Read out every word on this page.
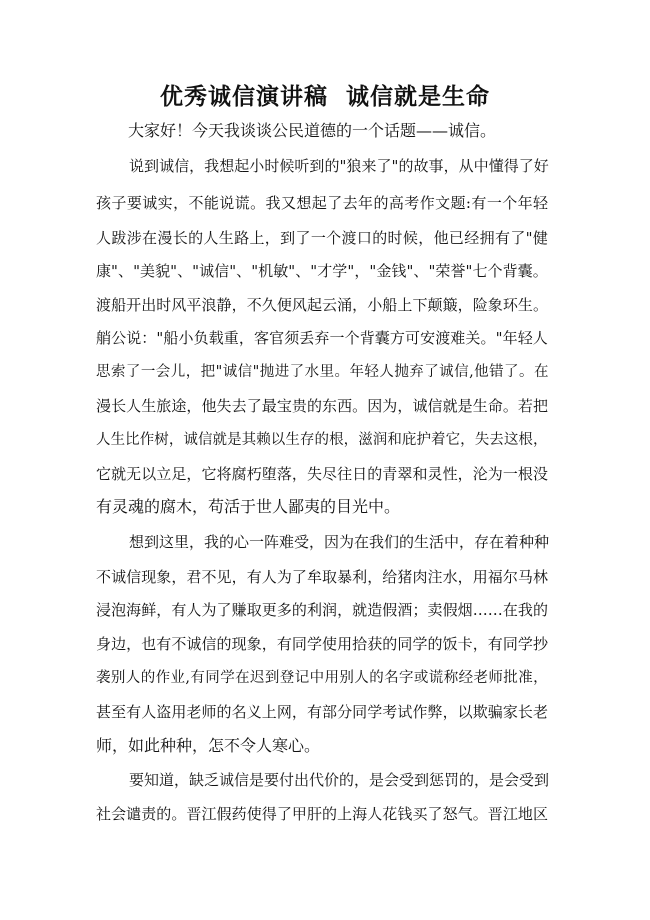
优秀诚信演讲稿  诚信就是生命
大家好！今天我谈谈公民道德的一个话题——诚信。
说到诚信，我想起小时候听到的"狼来了"的故事，从中懂得了好
孩子要诚实，不能说谎。我又想起了去年的高考作文题:有一个年轻
人跋涉在漫长的人生路上，到了一个渡口的时候，他已经拥有了"健
康"、"美貌"、"诚信"、"机敏"、"才学"，"金钱"、"荣誉"七个背囊。
渡船开出时风平浪静，不久便风起云涌，小船上下颠簸，险象环生。
艄公说："船小负载重，客官须丢弃一个背囊方可安渡难关。"年轻人
思索了一会儿，把"诚信"抛进了水里。年轻人抛弃了诚信,他错了。在
漫长人生旅途，他失去了最宝贵的东西。因为，诚信就是生命。若把
人生比作树，诚信就是其赖以生存的根，滋润和庇护着它，失去这根，
它就无以立足，它将腐朽堕落，失尽往日的青翠和灵性，沦为一根没
有灵魂的腐木，苟活于世人鄙夷的目光中。
想到这里，我的心一阵难受，因为在我们的生活中，存在着种种
不诚信现象，君不见，有人为了牟取暴利，给猪肉注水，用福尔马林
浸泡海鲜，有人为了赚取更多的利润，就造假酒；卖假烟……在我的
身边，也有不诚信的现象，有同学使用拾获的同学的饭卡，有同学抄
袭别人的作业,有同学在迟到登记中用别人的名字或谎称经老师批准，
甚至有人盗用老师的名义上网，有部分同学考试作弊，以欺骗家长老
师，如此种种，怎不令人寒心。
要知道，缺乏诚信是要付出代价的，是会受到惩罚的，是会受到
社会谴责的。晋江假药使得了甲肝的上海人花钱买了怒气。晋江地区
